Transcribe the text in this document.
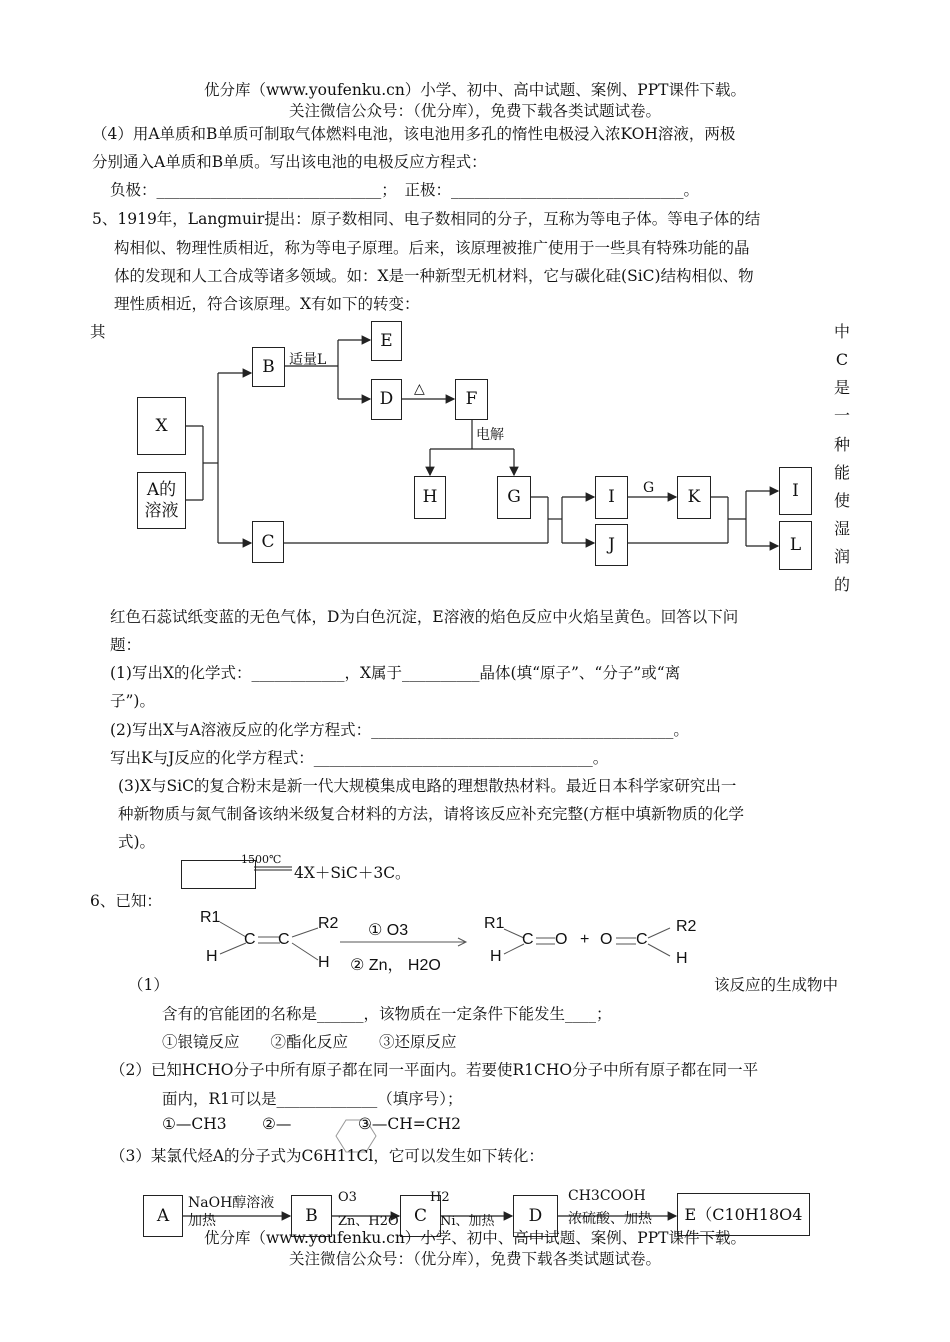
优分库（www.youfenku.cn）小学、初中、高中试题、案例、PPT课件下载。
关注微信公众号：（优分库），免费下载各类试题试卷。
（4）用A单质和B单质可制取气体燃料电池，该电池用多孔的惰性电极浸入浓KOH溶液，两极
分别通入A单质和B单质。写出该电池的电极反应方程式：
负极：_____________________________；　正极：______________________________。
5、1919年，Langmuir提出：原子数相同、电子数相同的分子，互称为等电子体。等电子体的结
构相似、物理性质相近，称为等电子原理。后来，该原理被推广使用于一些具有特殊功能的晶
体的发现和人工合成等诸多领域。如：X是一种新型无机材料，它与碳化硅(SiC)结构相似、物
理性质相近，符合该原理。X有如下的转变：
其	中
C
是
一
种
能
使
湿
润
的
X
A的
溶液
B
C
E
D	F
H	G	I
J
K	I
L
适量L
△
电解
G
红色石蕊试纸变蓝的无色气体，D为白色沉淀，E溶液的焰色反应中火焰呈黄色。回答以下问
题：
(1)写出X的化学式：____________，X属于__________晶体(填“原子”、“分子”或“离
子”)。
(2)写出X与A溶液反应的化学方程式：_______________________________________。
写出K与J反应的化学方程式：____________________________________。
(3)X与SiC的复合粉末是新一代大规模集成电路的理想散热材料。最近日本科学家研究出一
种新物质与氮气制备该纳米级复合材料的方法，请将该反应补充完整(方框中填新物质的化学
式)。
1500℃
4X＋SiC＋3C。
6、已知：
R1
H
C C
R2
H
① O3
② Zn， H2O
R1
H
C O + O C
R2
H
（1）	该反应的生成物中
含有的官能团的名称是______，该物质在一定条件下能发生____；
①银镜反应　　②酯化反应　　③还原反应
（2）已知HCHO分子中所有原子都在同一平面内。若要使R1CHO分子中所有原子都在同一平
面内，R1可以是_____________（填序号）；
①—CH3 ②—	③—CH=CH2
（3）某氯代烃A的分子式为C6H11Cl，它可以发生如下转化：
A	B	C	D	E（C10H18O4
NaOH醇溶液
加热
O3
Zn、H2O
H2
Ni、加热
CH3COOH
浓硫酸、加热
优分库（www.youfenku.cn）小学、初中、高中试题、案例、PPT课件下载。
关注微信公众号：（优分库），免费下载各类试题试卷。
